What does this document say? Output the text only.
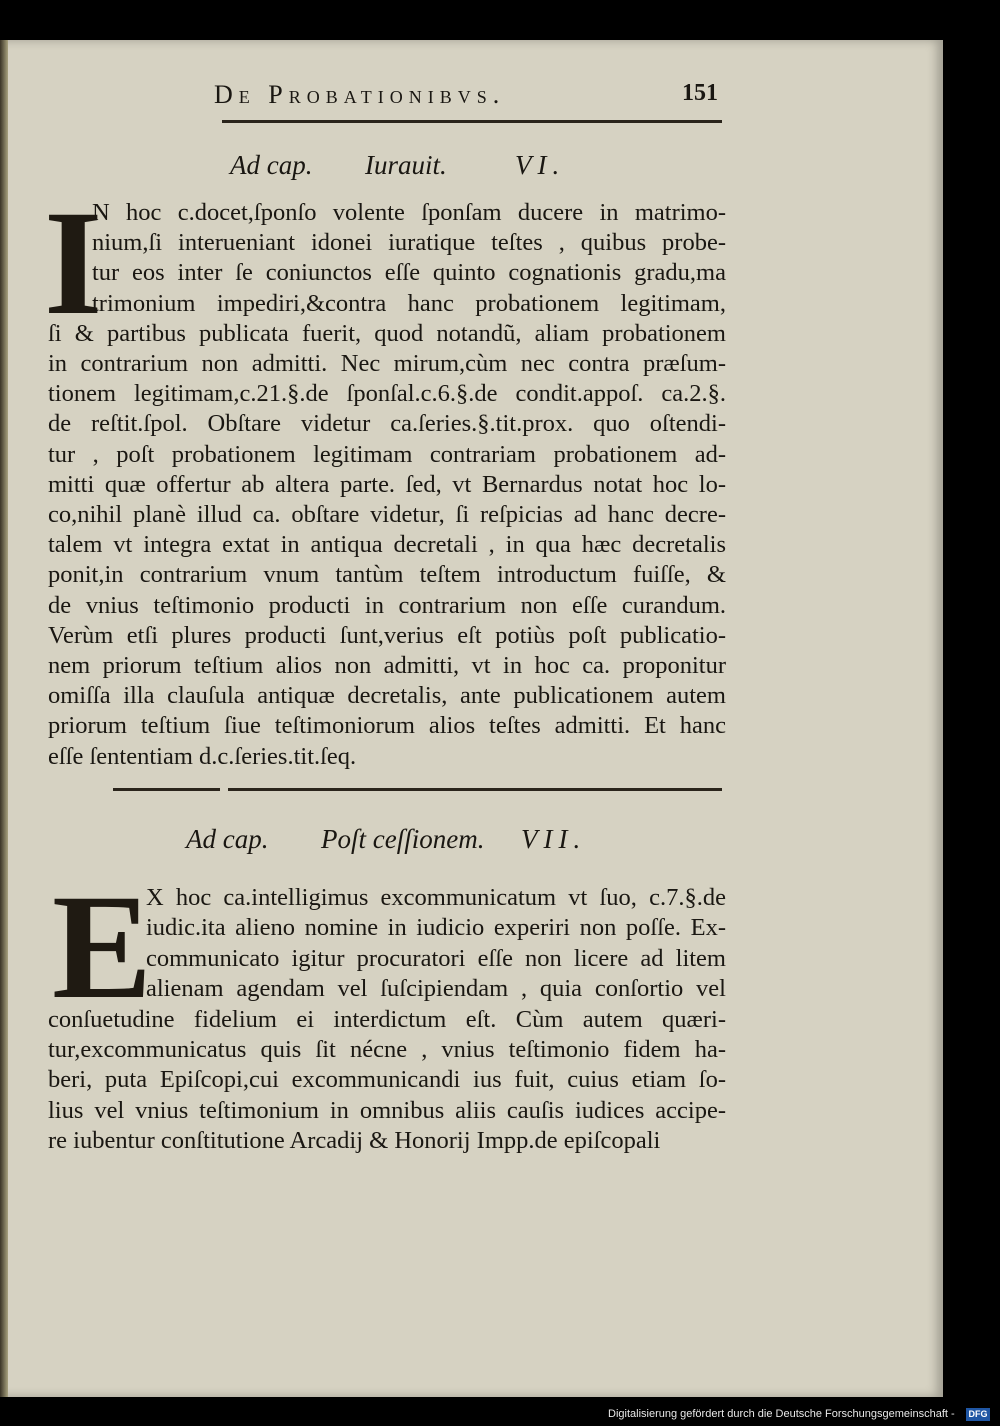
De Probationibvs.	151
Ad cap. Iurauit.	VI.
I
N hoc c.docet,ſponſo volente ſponſam ducere in matrimo-
nium,ſi interueniant idonei iuratique teſtes , quibus probe-
tur eos inter ſe coniunctos eſſe quinto cognationis gradu,ma
trimonium impediri,&contra hanc probationem legitimam,
ſi & partibus publicata fuerit, quod notandũ, aliam probationem
in contrarium non admitti. Nec mirum,cùm nec contra præſum-
tionem legitimam,c.21.§.de ſponſal.c.6.§.de condit.appoſ. ca.2.§.
de reſtit.ſpol. Obſtare videtur ca.ſeries.§.tit.prox. quo oſtendi-
tur , poſt probationem legitimam contrariam probationem ad-
mitti quæ offertur ab altera parte. ſed, vt Bernardus notat hoc lo-
co,nihil planè illud ca. obſtare videtur, ſi reſpicias ad hanc decre-
talem vt integra extat in antiqua decretali , in qua hæc decretalis
ponit,in contrarium vnum tantùm teſtem introductum fuiſſe, &
de vnius teſtimonio producti in contrarium non eſſe curandum.
Verùm etſi plures producti ſunt,verius eſt potiùs poſt publicatio-
nem priorum teſtium alios non admitti, vt in hoc ca. proponitur
omiſſa illa clauſula antiquæ decretalis, ante publicationem autem
priorum teſtium ſiue teſtimoniorum alios teſtes admitti. Et hanc
eſſe ſententiam d.c.ſeries.tit.ſeq.
Ad cap. Poſt ceſſionem. VII.
E
X hoc ca.intelligimus excommunicatum vt ſuo, c.7.§.de
iudic.ita alieno nomine in iudicio experiri non poſſe. Ex-
communicato igitur procuratori eſſe non licere ad litem
alienam agendam vel ſuſcipiendam , quia conſortio vel
conſuetudine fidelium ei interdictum eſt. Cùm autem quæri-
tur,excommunicatus quis ſit nécne , vnius teſtimonio fidem ha-
beri, puta Epiſcopi,cui excommunicandi ius fuit, cuius etiam ſo-
lius vel vnius teſtimonium in omnibus aliis cauſis iudices accipe-
re iubentur conſtitutione Arcadij & Honorij Impp.de epiſcopali
Digitalisierung gefördert durch die Deutsche Forschungsgemeinschaft - DFG
